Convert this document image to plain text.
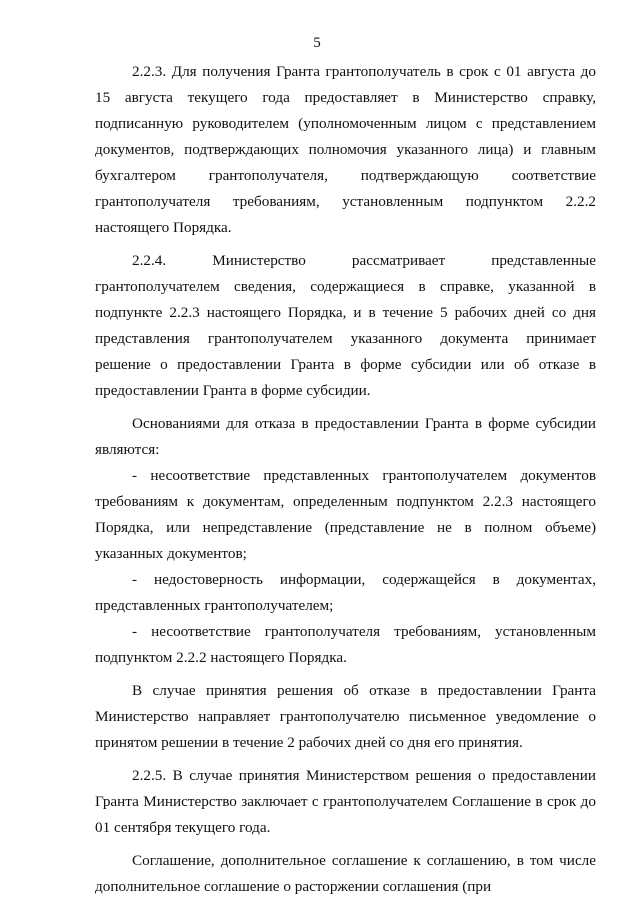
5

2.2.3. Для получения Гранта грантополучатель в срок с 01 августа до 15 августа текущего года предоставляет в Министерство справку, подписанную руководителем (уполномоченным лицом с представлением документов, подтверждающих полномочия указанного лица) и главным бухгалтером грантополучателя, подтверждающую соответствие грантополучателя требованиям, установленным подпунктом 2.2.2 настоящего Порядка.

2.2.4. Министерство рассматривает представленные грантополучателем сведения, содержащиеся в справке, указанной в подпункте 2.2.3 настоящего Порядка, и в течение 5 рабочих дней со дня представления грантополучателем указанного документа принимает решение о предоставлении Гранта в форме субсидии или об отказе в предоставлении Гранта в форме субсидии.

Основаниями для отказа в предоставлении Гранта в форме субсидии являются:

- несоответствие представленных грантополучателем документов требованиям к документам, определенным подпунктом 2.2.3 настоящего Порядка, или непредставление (представление не в полном объеме) указанных документов;

- недостоверность информации, содержащейся в документах, представленных грантополучателем;

- несоответствие грантополучателя требованиям, установленным подпунктом 2.2.2 настоящего Порядка.

В случае принятия решения об отказе в предоставлении Гранта Министерство направляет грантополучателю письменное уведомление о принятом решении в течение 2 рабочих дней со дня его принятия.

2.2.5. В случае принятия Министерством решения о предоставлении Гранта Министерство заключает с грантополучателем Соглашение в срок до 01 сентября текущего года.

Соглашение, дополнительное соглашение к соглашению, в том числе дополнительное соглашение о расторжении соглашения (при
